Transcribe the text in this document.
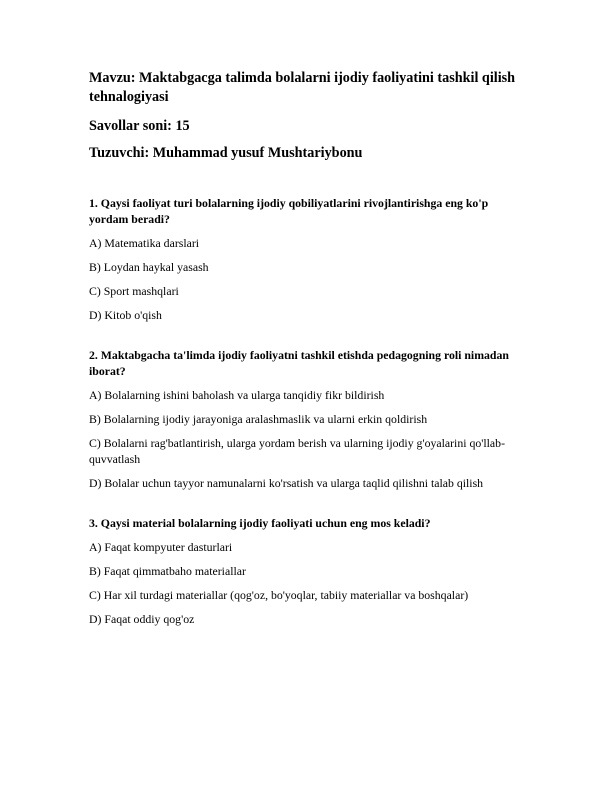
Mavzu: Maktabgacga talimda bolalarni ijodiy faoliyatini tashkil qilish tehnalogiyasi
Savollar soni: 15
Tuzuvchi: Muhammad yusuf Mushtariybonu
1. Qaysi faoliyat turi bolalarning ijodiy qobiliyatlarini rivojlantirishga eng ko'p yordam beradi?
A) Matematika darslari
B) Loydan haykal yasash
C) Sport mashqlari
D) Kitob o'qish
2. Maktabgacha ta'limda ijodiy faoliyatni tashkil etishda pedagogning roli nimadan iborat?
A) Bolalarning ishini baholash va ularga tanqidiy fikr bildirish
B) Bolalarning ijodiy jarayoniga aralashmaslik va ularni erkin qoldirish
C) Bolalarni rag'batlantirish, ularga yordam berish va ularning ijodiy g'oyalarini qo'llab-quvvatlash
D) Bolalar uchun tayyor namunalarni ko'rsatish va ularga taqlid qilishni talab qilish
3. Qaysi material bolalarning ijodiy faoliyati uchun eng mos keladi?
A) Faqat kompyuter dasturlari
B) Faqat qimmatbaho materiallar
C) Har xil turdagi materiallar (qog'oz, bo'yoqlar, tabiiy materiallar va boshqalar)
D) Faqat oddiy qog'oz
